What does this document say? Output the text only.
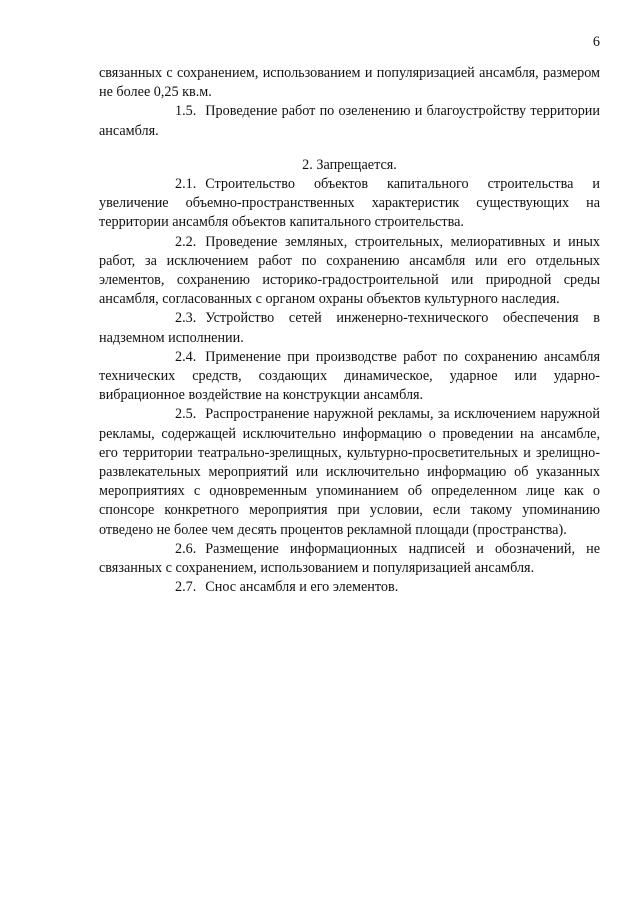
6

связанных с сохранением, использованием и популяризацией ансамбля, размером не более 0,25 кв.м.

1.5. Проведение работ по озеленению и благоустройству территории ансамбля.

2. Запрещается.

2.1. Строительство объектов капитального строительства и увеличение объемно-пространственных характеристик существующих на территории ансамбля объектов капитального строительства.

2.2. Проведение земляных, строительных, мелиоративных и иных работ, за исключением работ по сохранению ансамбля или его отдельных элементов, сохранению историко-градостроительной или природной среды ансамбля, согласованных с органом охраны объектов культурного наследия.

2.3. Устройство сетей инженерно-технического обеспечения в надземном исполнении.

2.4. Применение при производстве работ по сохранению ансамбля технических средств, создающих динамическое, ударное или ударно-вибрационное воздействие на конструкции ансамбля.

2.5. Распространение наружной рекламы, за исключением наружной рекламы, содержащей исключительно информацию о проведении на ансамбле, его территории театрально-зрелищных, культурно-просветительных и зрелищно-развлекательных мероприятий или исключительно информацию об указанных мероприятиях с одновременным упоминанием об определенном лице как о спонсоре конкретного мероприятия при условии, если такому упоминанию отведено не более чем десять процентов рекламной площади (пространства).

2.6. Размещение информационных надписей и обозначений, не связанных с сохранением, использованием и популяризацией ансамбля.

2.7. Снос ансамбля и его элементов.
